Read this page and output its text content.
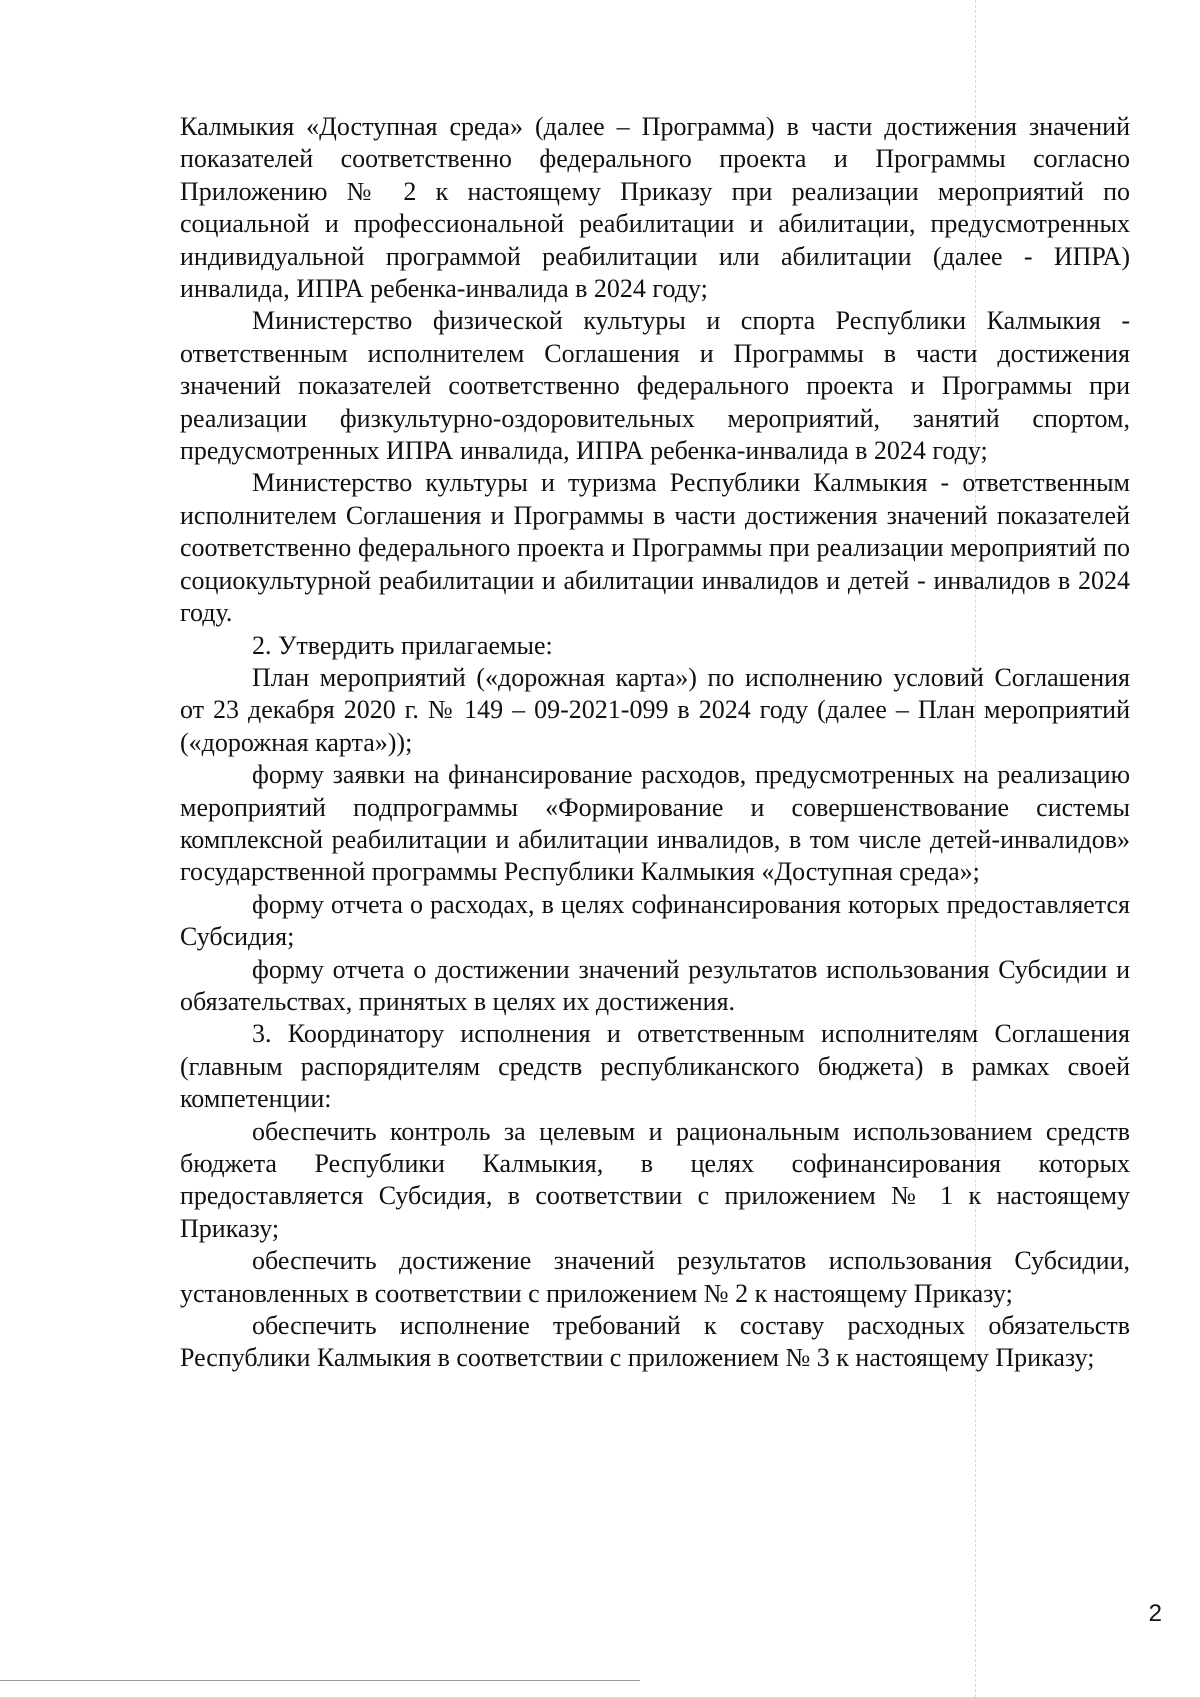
Калмыкия «Доступная среда» (далее – Программа) в части достижения значений показателей соответственно федерального проекта и Программы согласно Приложению № 2 к настоящему Приказу при реализации мероприятий по социальной и профессиональной реабилитации и абилитации, предусмотренных индивидуальной программой реабилитации или абилитации (далее - ИПРА) инвалида, ИПРА ребенка-инвалида в 2024 году;

Министерство физической культуры и спорта Республики Калмыкия - ответственным исполнителем Соглашения и Программы в части достижения значений показателей соответственно федерального проекта и Программы при реализации физкультурно-оздоровительных мероприятий, занятий спортом, предусмотренных ИПРА инвалида, ИПРА ребенка-инвалида в 2024 году;

Министерство культуры и туризма Республики Калмыкия - ответственным исполнителем Соглашения и Программы в части достижения значений показателей соответственно федерального проекта и Программы при реализации мероприятий по социокультурной реабилитации и абилитации инвалидов и детей - инвалидов в 2024 году.

2. Утвердить прилагаемые:

План мероприятий («дорожная карта») по исполнению условий Соглашения от 23 декабря 2020 г. № 149 – 09-2021-099 в 2024 году (далее – План мероприятий («дорожная карта»));

форму заявки на финансирование расходов, предусмотренных на реализацию мероприятий подпрограммы «Формирование и совершенствование системы комплексной реабилитации и абилитации инвалидов, в том числе детей-инвалидов» государственной программы Республики Калмыкия «Доступная среда»;

форму отчета о расходах, в целях софинансирования которых предоставляется Субсидия;

форму отчета о достижении значений результатов использования Субсидии и обязательствах, принятых в целях их достижения.

3. Координатору исполнения и ответственным исполнителям Соглашения (главным распорядителям средств республиканского бюджета) в рамках своей компетенции:

обеспечить контроль за целевым и рациональным использованием средств бюджета Республики Калмыкия, в целях софинансирования которых предоставляется Субсидия, в соответствии с приложением № 1 к настоящему Приказу;

обеспечить достижение значений результатов использования Субсидии, установленных в соответствии с приложением № 2 к настоящему Приказу;

обеспечить исполнение требований к составу расходных обязательств Республики Калмыкия в соответствии с приложением № 3 к настоящему Приказу;

2
